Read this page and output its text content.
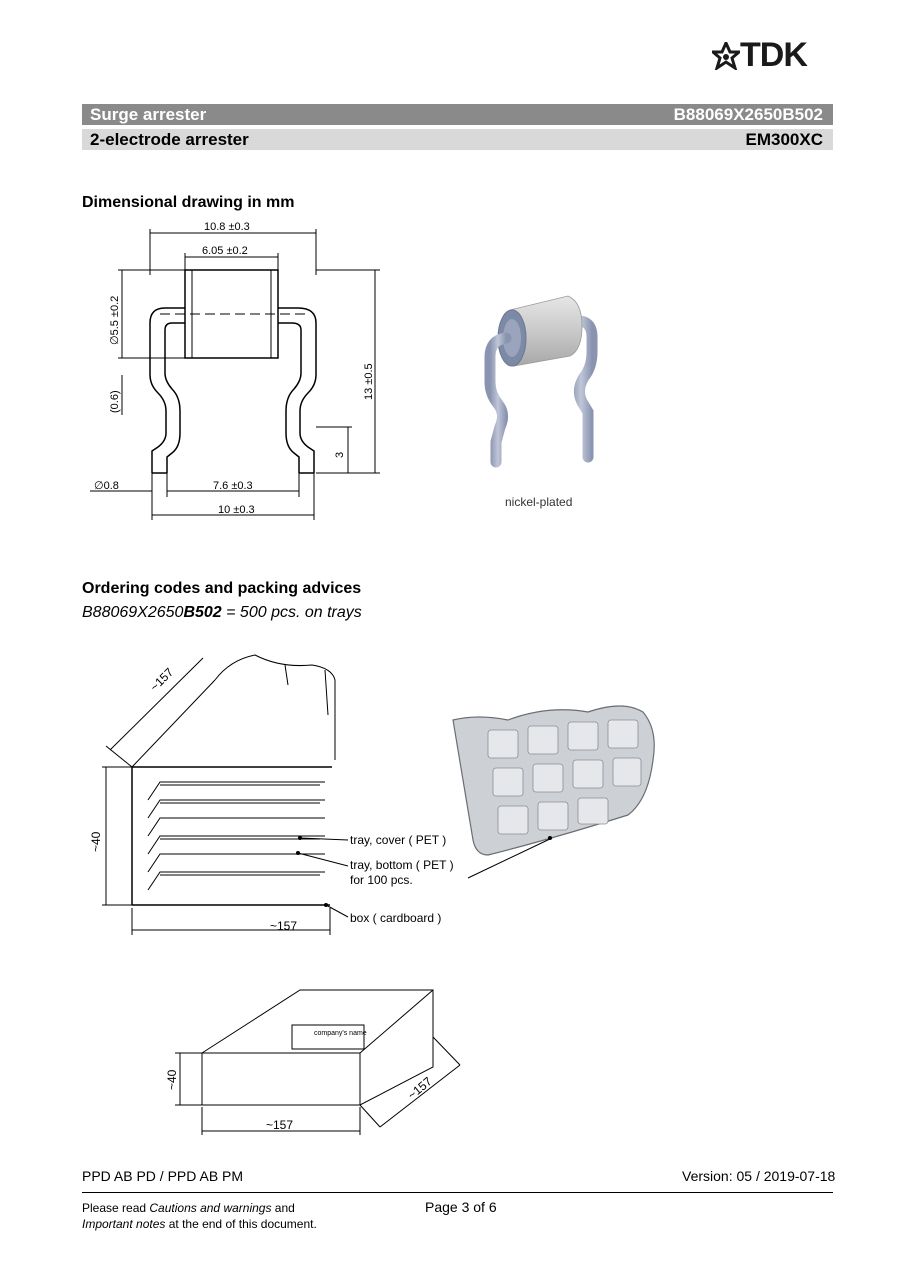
TDK
Surge arrester	B88069X2650B502
2-electrode arrester	EM300XC
Dimensional drawing in mm
10.8 ±0.3
6.05 ±0.2
∅5.5 ±0.2
(0.6)
13 ±0.5
3
∅0.8	7.6 ±0.3
10 ±0.3
nickel-plated
Ordering codes and packing advices
B88069X2650B502 = 500 pcs. on trays
~157
~40
~157
tray, cover ( PET )
tray, bottom ( PET )
for 100 pcs.
box ( cardboard )
company's name
~40
~157
~157
PPD AB PD / PPD AB PM	Version: 05 / 2019-07-18
Please read Cautions and warnings and
Important notes at the end of this document.
Page 3 of 6
